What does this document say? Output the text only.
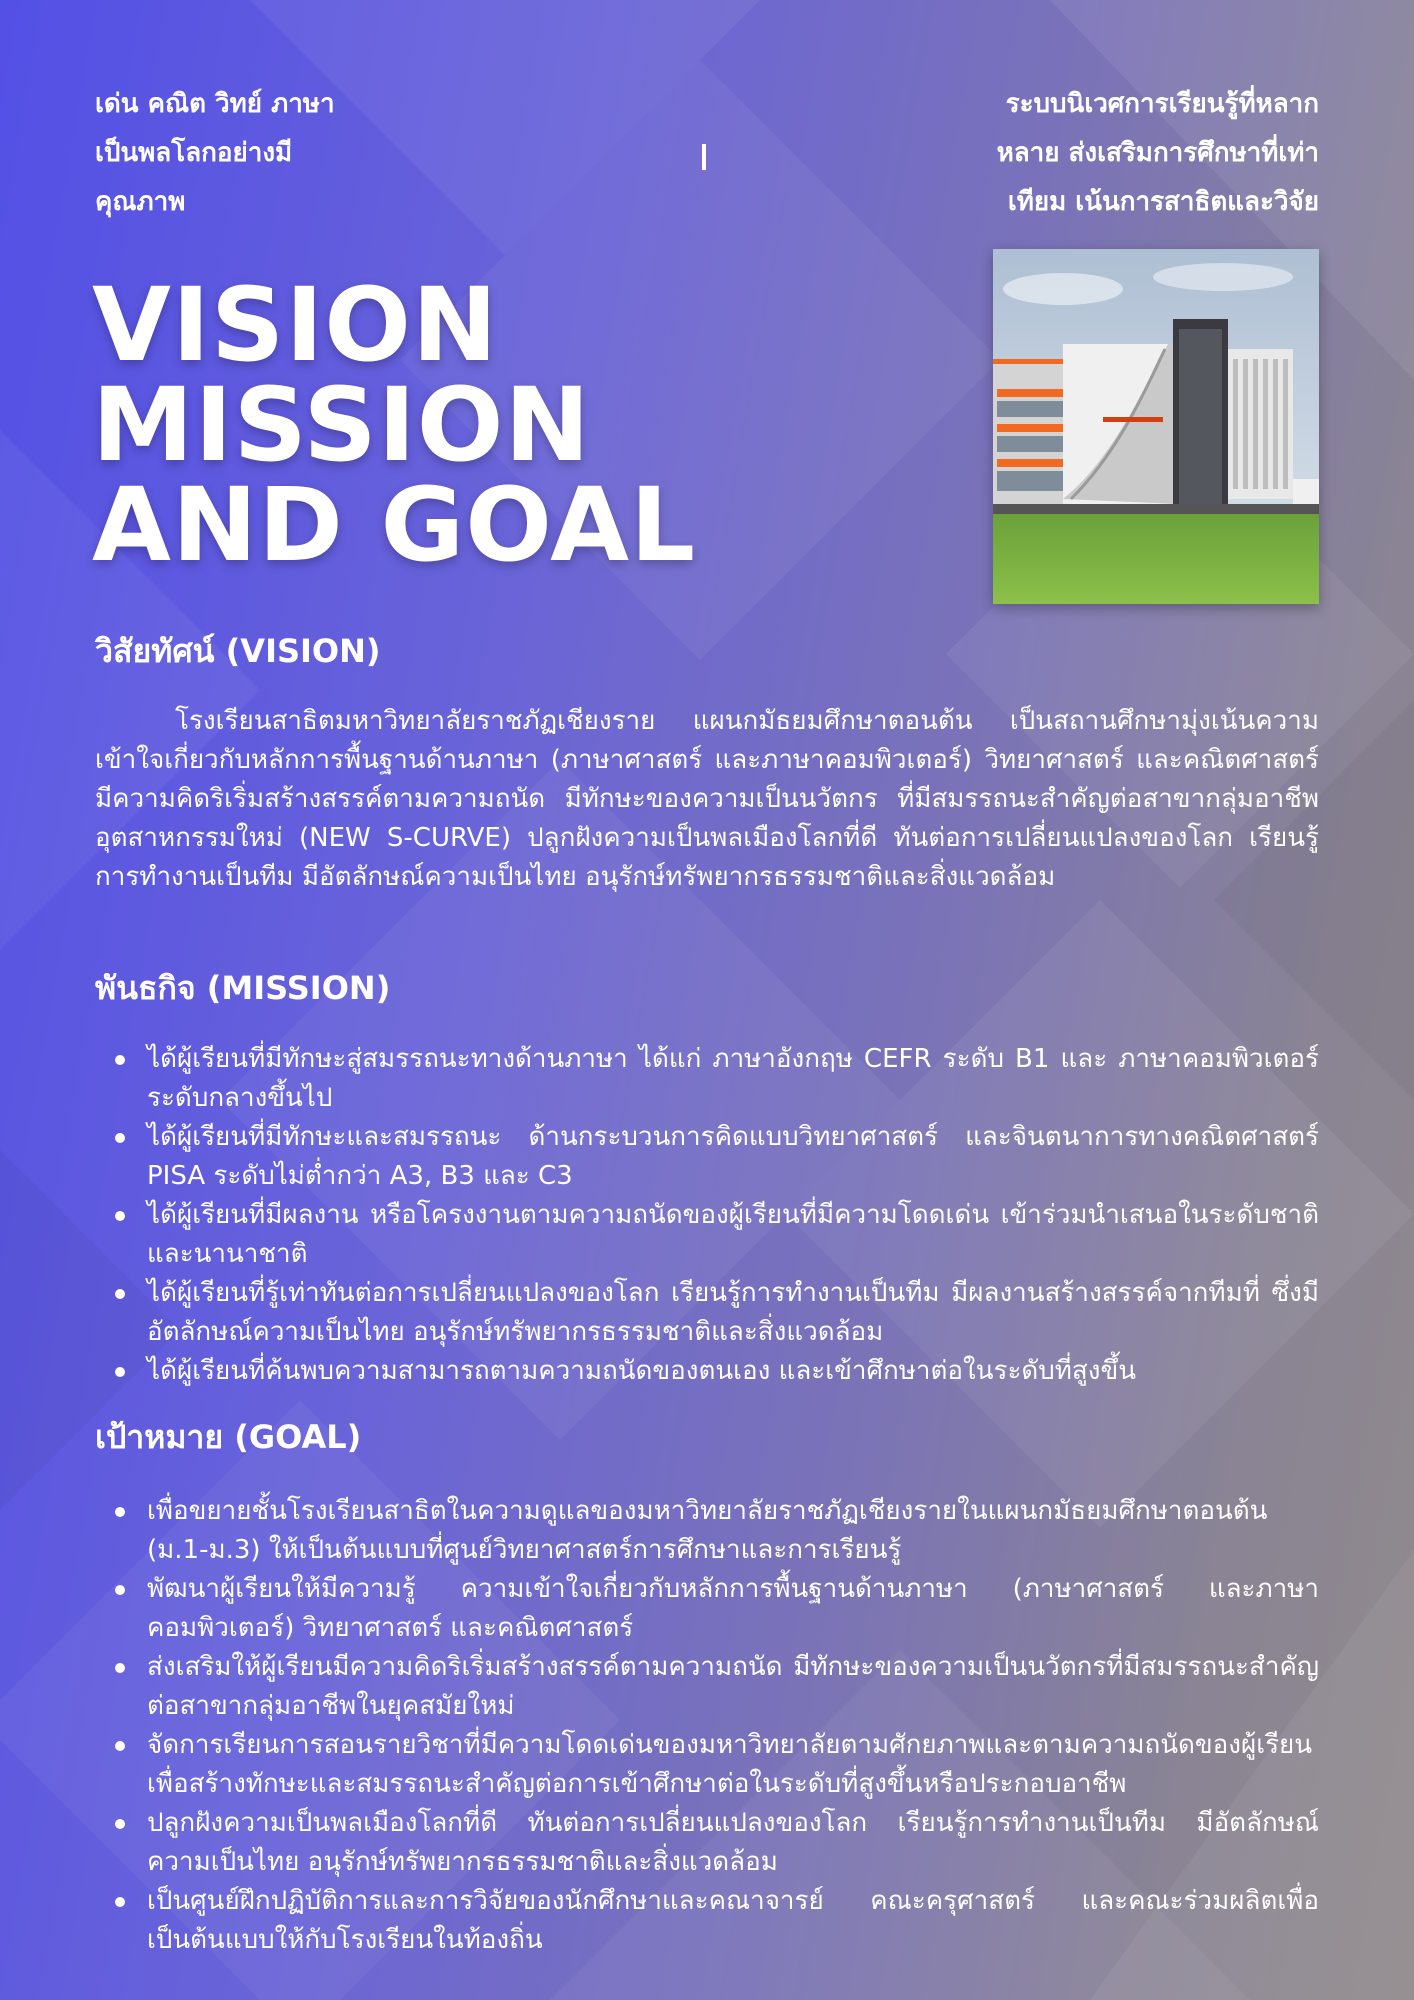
เด่น คณิต วิทย์ ภาษา
เป็นพลโลกอย่างมี
คุณภาพ
ระบบนิเวศการเรียนรู้ที่หลาก
หลาย ส่งเสริมการศึกษาที่เท่า
เทียม เน้นการสาธิตและวิจัย
VISION
MISSION
AND GOAL
วิสัยทัศน์ (VISION)
โรงเรียนสาธิตมหาวิทยาลัยราชภัฏเชียงราย แผนกมัธยมศึกษาตอนต้น เป็นสถานศึกษามุ่งเน้นความเข้าใจเกี่ยวกับหลักการพื้นฐานด้านภาษา (ภาษาศาสตร์ และภาษาคอมพิวเตอร์) วิทยาศาสตร์ และคณิตศาสตร์ มีความคิดริเริ่มสร้างสรรค์ตามความถนัด มีทักษะของความเป็นนวัตกร ที่มีสมรรถนะสำคัญต่อสาขากลุ่มอาชีพ อุตสาหกรรมใหม่ (NEW S-CURVE) ปลูกฝังความเป็นพลเมืองโลกที่ดี ทันต่อการเปลี่ยนแปลงของโลก เรียนรู้การทำงานเป็นทีม มีอัตลักษณ์ความเป็นไทย อนุรักษ์ทรัพยากรธรรมชาติและสิ่งแวดล้อม
พันธกิจ (MISSION)
ได้ผู้เรียนที่มีทักษะสู่สมรรถนะทางด้านภาษา ได้แก่ ภาษาอังกฤษ CEFR ระดับ B1 และ ภาษาคอมพิวเตอร์ ระดับกลางขึ้นไป
ได้ผู้เรียนที่มีทักษะและสมรรถนะ ด้านกระบวนการคิดแบบวิทยาศาสตร์ และจินตนาการทางคณิตศาสตร์ PISA ระดับไม่ต่ำกว่า A3, B3 และ C3
ได้ผู้เรียนที่มีผลงาน หรือโครงงานตามความถนัดของผู้เรียนที่มีความโดดเด่น เข้าร่วมนำเสนอในระดับชาติและนานาชาติ
ได้ผู้เรียนที่รู้เท่าทันต่อการเปลี่ยนแปลงของโลก เรียนรู้การทำงานเป็นทีม มีผลงานสร้างสรรค์จากทีมที่ ซึ่งมีอัตลักษณ์ความเป็นไทย อนุรักษ์ทรัพยากรธรรมชาติและสิ่งแวดล้อม
ได้ผู้เรียนที่ค้นพบความสามารถตามความถนัดของตนเอง และเข้าศึกษาต่อในระดับที่สูงขึ้น
เป้าหมาย (GOAL)
เพื่อขยายชั้นโรงเรียนสาธิตในความดูแลของมหาวิทยาลัยราชภัฏเชียงรายในแผนกมัธยมศึกษาตอนต้น (ม.1-ม.3) ให้เป็นต้นแบบที่ศูนย์วิทยาศาสตร์การศึกษาและการเรียนรู้
พัฒนาผู้เรียนให้มีความรู้ ความเข้าใจเกี่ยวกับหลักการพื้นฐานด้านภาษา (ภาษาศาสตร์ และภาษาคอมพิวเตอร์) วิทยาศาสตร์ และคณิตศาสตร์
ส่งเสริมให้ผู้เรียนมีความคิดริเริ่มสร้างสรรค์ตามความถนัด มีทักษะของความเป็นนวัตกรที่มีสมรรถนะสำคัญต่อสาขากลุ่มอาชีพในยุคสมัยใหม่
จัดการเรียนการสอนรายวิชาที่มีความโดดเด่นของมหาวิทยาลัยตามศักยภาพและตามความถนัดของผู้เรียน เพื่อสร้างทักษะและสมรรถนะสำคัญต่อการเข้าศึกษาต่อในระดับที่สูงขึ้นหรือประกอบอาชีพ
ปลูกฝังความเป็นพลเมืองโลกที่ดี ทันต่อการเปลี่ยนแปลงของโลก เรียนรู้การทำงานเป็นทีม มีอัตลักษณ์ ความเป็นไทย อนุรักษ์ทรัพยากรธรรมชาติและสิ่งแวดล้อม
เป็นศูนย์ฝึกปฏิบัติการและการวิจัยของนักศึกษาและคณาจารย์ คณะครุศาสตร์ และคณะร่วมผลิตเพื่อเป็นต้นแบบให้กับโรงเรียนในท้องถิ่น
